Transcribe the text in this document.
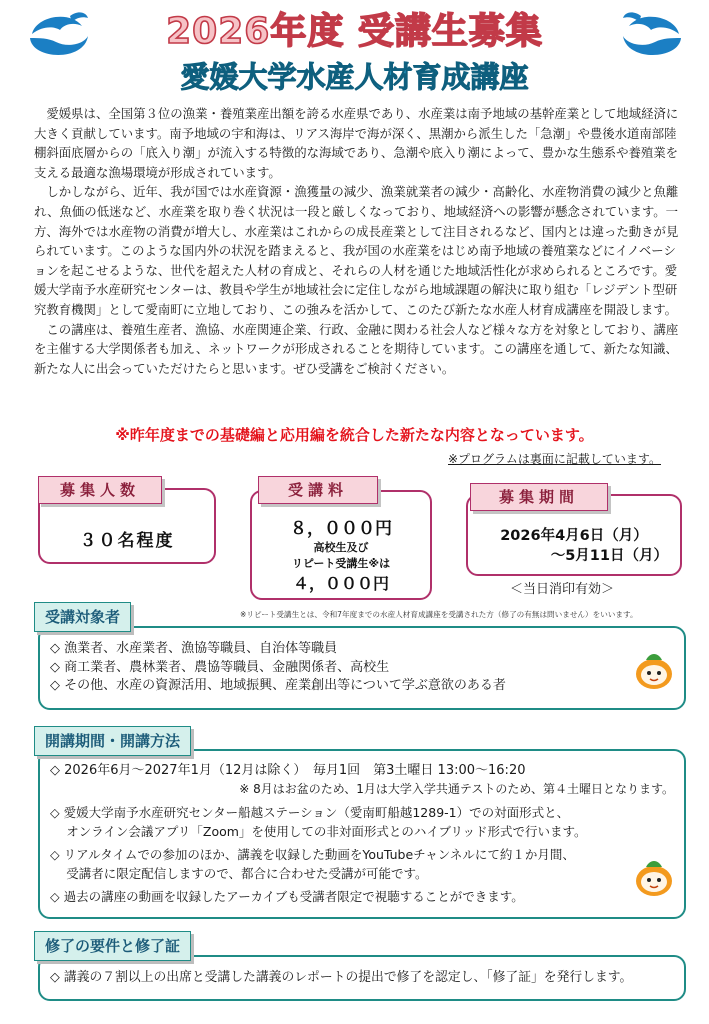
2026年度 受講生募集
愛媛大学水産人材育成講座

愛媛県は、全国第３位の漁業・養殖業産出額を誇る水産県であり、水産業は南予地域の基幹産業として地域経済に大きく貢献しています。南予地域の宇和海は、リアス海岸で海が深く、黒潮から派生した「急潮」や豊後水道南部陸棚斜面底層からの「底入り潮」が流入する特徴的な海域であり、急潮や底入り潮によって、豊かな生態系や養殖業を支える最適な漁場環境が形成されています。

しかしながら、近年、我が国では水産資源・漁獲量の減少、漁業就業者の減少・高齢化、水産物消費の減少と魚離れ、魚価の低迷など、水産業を取り巻く状況は一段と厳しくなっており、地域経済への影響が懸念されています。一方、海外では水産物の消費が増大し、水産業はこれからの成長産業として注目されるなど、国内とは違った動きが見られています。このような国内外の状況を踏まえると、我が国の水産業をはじめ南予地域の養殖業などにイノベーションを起こせるような、世代を超えた人材の育成と、それらの人材を通じた地域活性化が求められるところです。愛媛大学南予水産研究センターは、教員や学生が地域社会に定住しながら地域課題の解決に取り組む「レジデント型研究教育機関」として愛南町に立地しており、この強みを活かして、このたび新たな水産人材育成講座を開設します。

この講座は、養殖生産者、漁協、水産関連企業、行政、金融に関わる社会人など様々な方を対象としており、講座を主催する大学関係者も加え、ネットワークが形成されることを期待しています。この講座を通して、新たな知識、新たな人に出会っていただけたらと思います。ぜひ受講をご検討ください。

※昨年度までの基礎編と応用編を統合した新たな内容となっています。
※プログラムは裏面に記載しています。
３０名程度
募集人数
８，０００円
高校生及び
リピート受講生※は
４，０００円
受講料
2026年4月6日（月）
～5月11日（月）
募集期間
＜当日消印有効＞
※リピート受講生とは、令和7年度までの水産人材育成講座を受講された方（修了の有無は問いません）をいいます。
◇ 漁業者、水産業者、漁協等職員、自治体等職員
◇ 商工業者、農林業者、農協等職員、金融関係者、高校生
◇ その他、水産の資源活用、地域振興、産業創出等について学ぶ意欲のある者
受講対象者
◇ 2026年6月～2027年1月（12月は除く）　毎月1回　第3土曜日 13:00～16:20
※ 8月はお盆のため、1月は大学入学共通テストのため、第４土曜日となります。
◇ 愛媛大学南予水産研究センター船越ステーション（愛南町船越1289-1）での対面形式と、
オンライン会議アプリ「Zoom」を使用しての非対面形式とのハイブリッド形式で行います。
◇ リアルタイムでの参加のほか、講義を収録した動画をYouTubeチャンネルにて約１か月間、
受講者に限定配信しますので、都合に合わせた受講が可能です。
◇ 過去の講座の動画を収録したアーカイブも受講者限定で視聴することができます。
開講期間・開講方法
◇ 講義の７割以上の出席と受講した講義のレポートの提出で修了を認定し、「修了証」を発行します。
修了の要件と修了証
